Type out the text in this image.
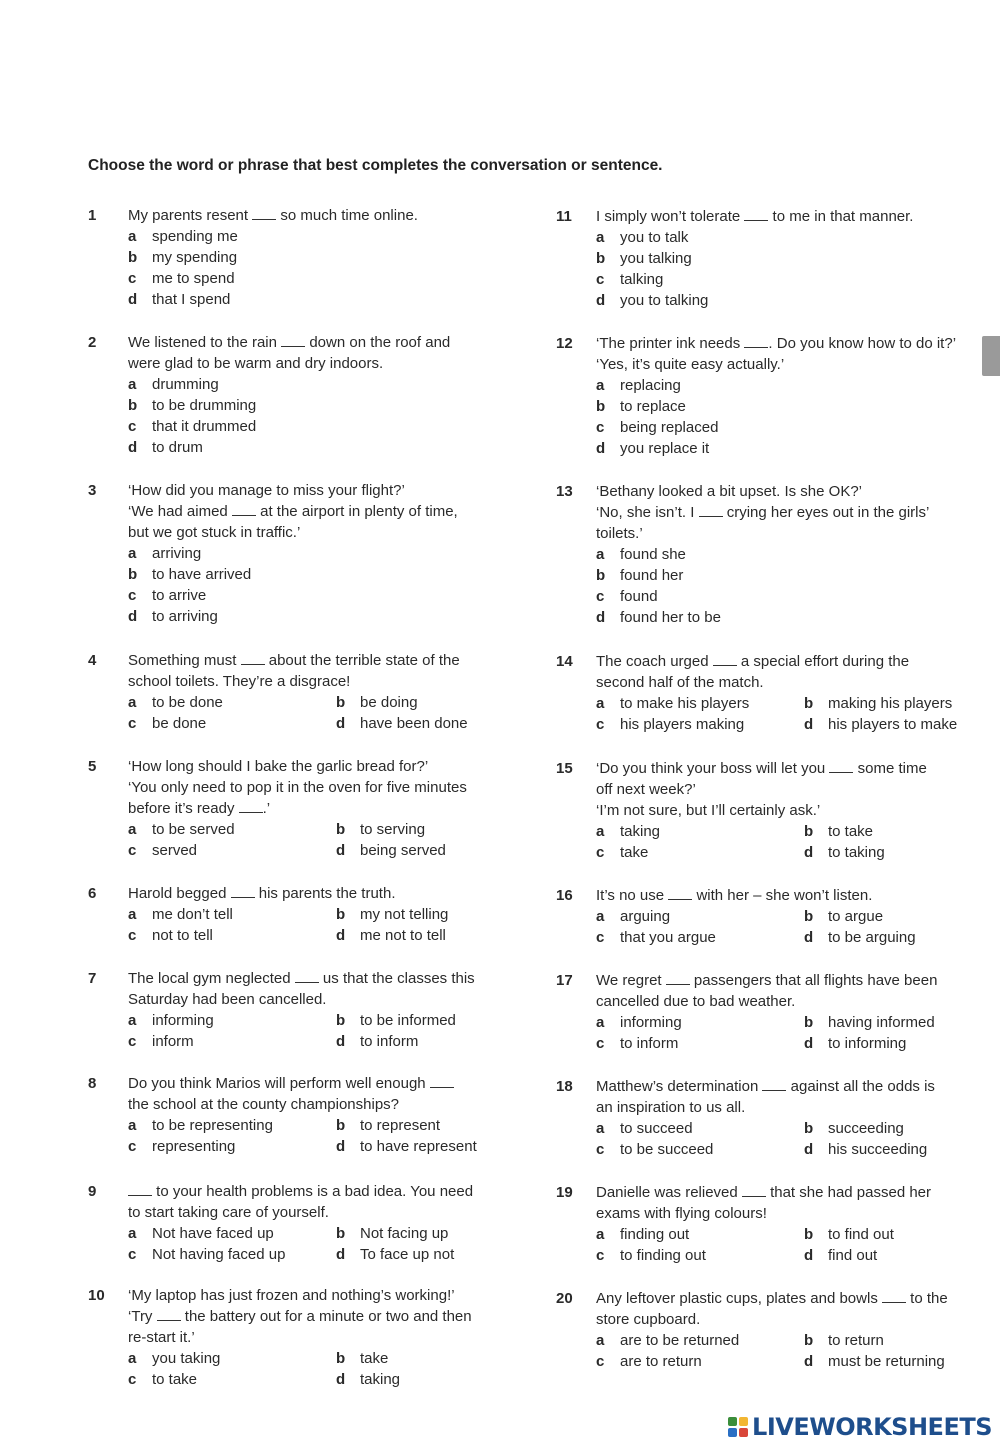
Choose the word or phrase that best completes the conversation or sentence.
1	My parents resent  so much time online.
a spending me
b my spending
c me to spend
d that I spend
2	We listened to the rain  down on the roof and
were glad to be warm and dry indoors.
a drumming
b to be drumming
c that it drummed
d to drum
3	‘How did you manage to miss your flight?’
‘We had aimed  at the airport in plenty of time,
but we got stuck in traffic.’
a arriving
b to have arrived
c to arrive
d to arriving
4	Something must  about the terrible state of the
school toilets. They’re a disgrace!
a to be done	b be doing
c be done	d have been done
5	‘How long should I bake the garlic bread for?’
‘You only need to pop it in the oven for five minutes
before it’s ready .’
a to be served	b to serving
c served	d being served
6	Harold begged  his parents the truth.
a me don’t tell	b my not telling
c not to tell	d me not to tell
7	The local gym neglected  us that the classes this
Saturday had been cancelled.
a informing	b to be informed
c inform	d to inform
8	Do you think Marios will perform well enough
the school at the county championships?
a to be representing	b to represent
c representing	d to have represent
9	to your health problems is a bad idea. You need
to start taking care of yourself.
a Not have faced up	b Not facing up
c Not having faced up	d To face up not
10	‘My laptop has just frozen and nothing’s working!’
‘Try  the battery out for a minute or two and then
re-start it.’
a you taking	b take
c to take	d taking
11	I simply won’t tolerate  to me in that manner.
a you to talk
b you talking
c talking
d you to talking
12	‘The printer ink needs . Do you know how to do it?’
‘Yes, it’s quite easy actually.’
a replacing
b to replace
c being replaced
d you replace it
13	‘Bethany looked a bit upset. Is she OK?’
‘No, she isn’t. I  crying her eyes out in the girls’
toilets.’
a found she
b found her
c found
d found her to be
14	The coach urged  a special effort during the
second half of the match.
a to make his players	b making his players
c his players making	d his players to make
15	‘Do you think your boss will let you  some time
off next week?’
‘I’m not sure, but I’ll certainly ask.’
a taking	b to take
c take	d to taking
16	It’s no use  with her – she won’t listen.
a arguing	b to argue
c that you argue	d to be arguing
17	We regret  passengers that all flights have been
cancelled due to bad weather.
a informing	b having informed
c to inform	d to informing
18	Matthew’s determination  against all the odds is
an inspiration to us all.
a to succeed	b succeeding
c to be succeed	d his succeeding
19	Danielle was relieved  that she had passed her
exams with flying colours!
a finding out	b to find out
c to finding out	d find out
20	Any leftover plastic cups, plates and bowls  to the
store cupboard.
a are to be returned	b to return
c are to return	d must be returning
LIVEWORKSHEETS
